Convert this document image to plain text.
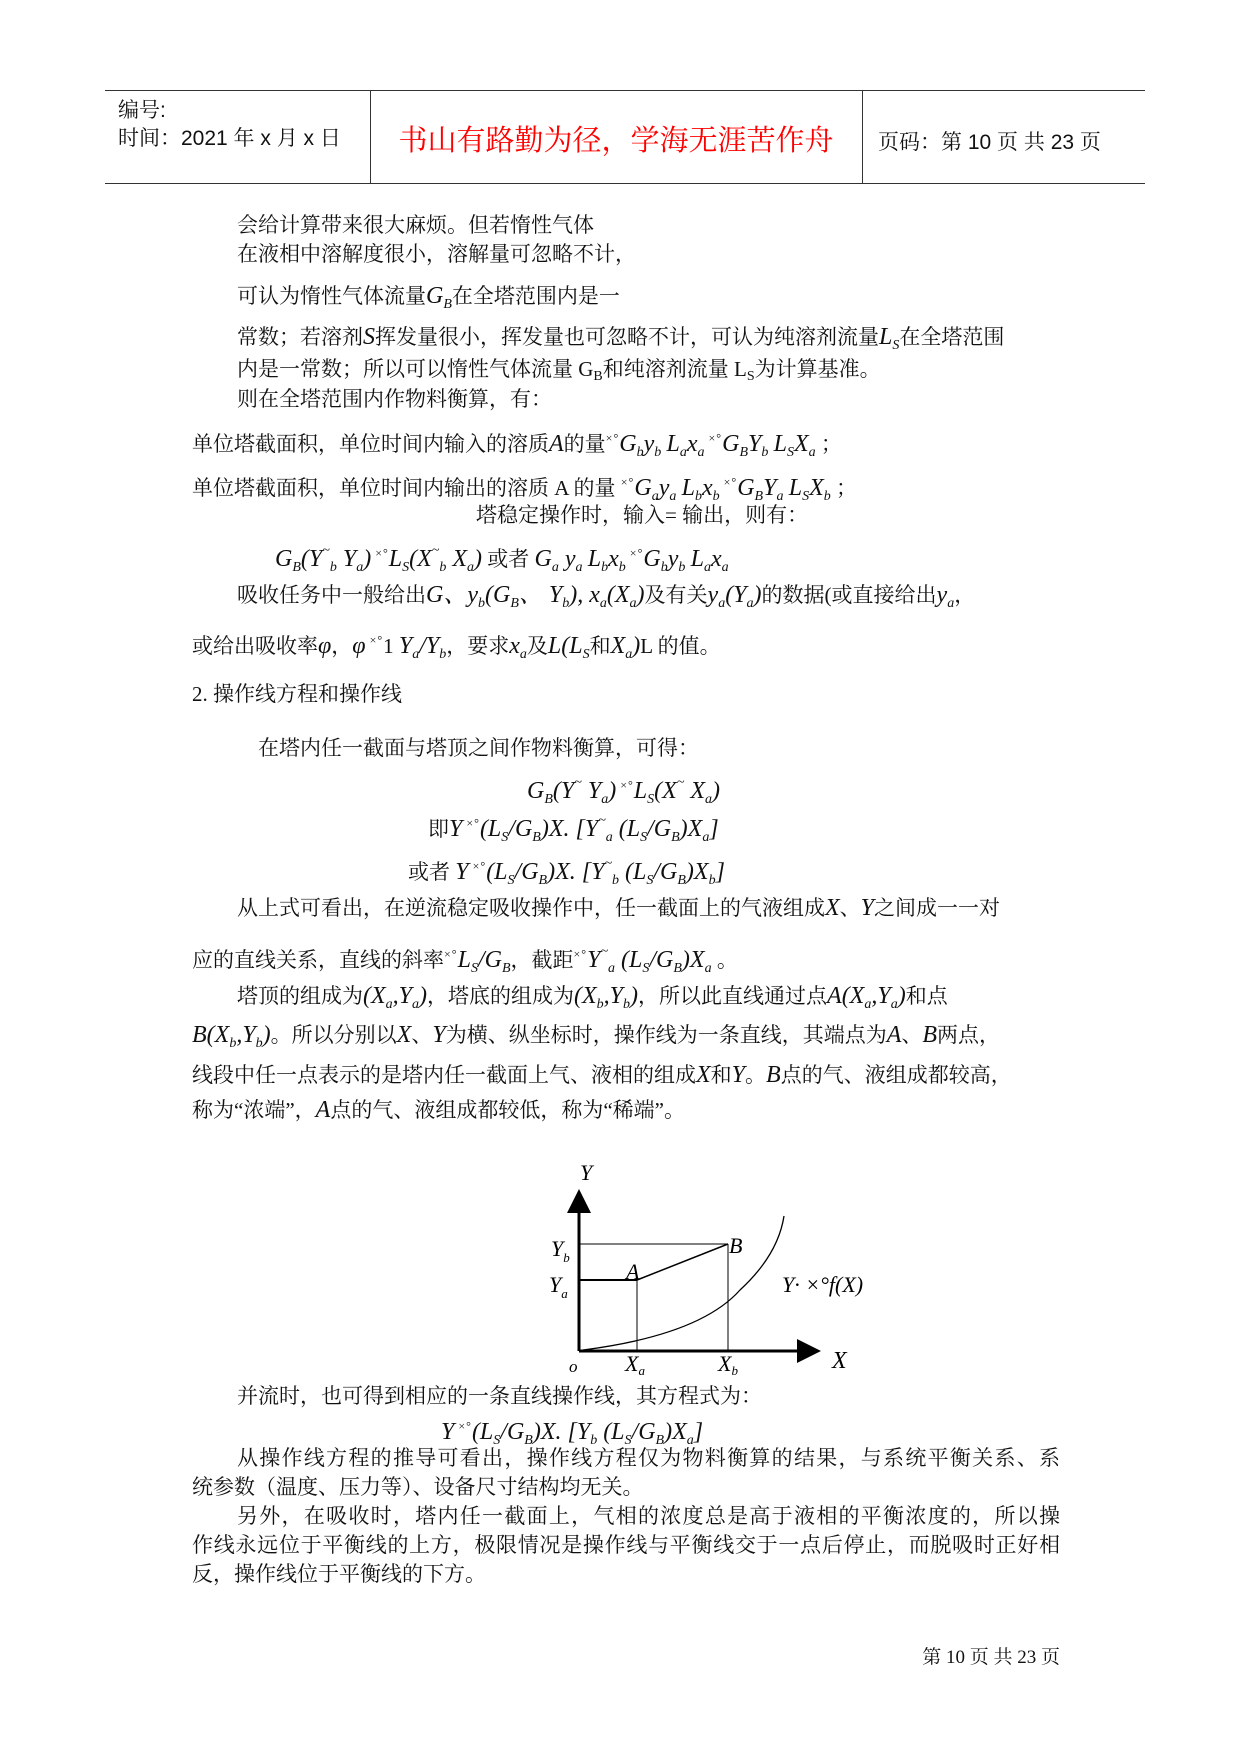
编号:
时间：2021 年 x 月 x 日	书山有路勤为径，学海无涯苦作舟	页码：第 10 页 共 23 页
会给计算带来很大麻烦。但若惰性气体
在液相中溶解度很小，溶解量可忽略不计，
可认为惰性气体流量$G_B$在全塔范围内是一
常数；若溶剂S挥发量很小，挥发量也可忽略不计，可认为纯溶剂流量$L_S$在全塔范围
内是一常数；所以可以惰性气体流量 GB和纯溶剂流量 LS为计算基准。
则在全塔范围内作物料衡算，有：
单位塔截面积，单位时间内输入的溶质A的量$^{\times^\circ}G_by_b$ $L_ax_a$ $^{\times^\circ}G_BY_b$ $L_SX_a$ ；
单位塔截面积，单位时间内输出的溶质 A 的量 $^{\times^\circ}G_ay_a$ $L_bx_b$ $^{\times^\circ}G_BY_a$ $L_SX_b$ ；
塔稳定操作时，输入= 输出，则有：
$G_B(Y^\sim_b$ $Y_a$) $^{\times^\circ}L_S(X^\sim_b$ $X_a$) 或者 $G_a$ $y_a$ $L_bx_b$ $^{\times^\circ}G_by_b$ $L_ax_a$
吸收任务中一般给出G、$y_b(G_B$、 $Y_b$), $x_a(X_a)$及有关$y_a(Y_a)$的数据(或直接给出$y_a$，
或给出吸收率φ，φ ×°1 $Y_a/Y_b$，要求$x_a$及$L(L_S$和$X_a)L$ 的值。
2. 操作线方程和操作线
在塔内任一截面与塔顶之间作物料衡算，可得：
$G_B(Y^\sim$ $Y_a$) $^{\times^\circ}L_S(X^\sim$ $X_a$)
即Y $^{\times^\circ}(L_S/G_B)X$. [$Y^\sim_a$ $(L_S/G_B)X_a$]
或者 Y $^{\times^\circ}(L_S/G_B)X$. [$Y^\sim_b$ $(L_S/G_B)X_b$]
从上式可看出，在逆流稳定吸收操作中，任一截面上的气液组成X、Y之间成一一对
应的直线关系，直线的斜率$^{\times^\circ}L_S/G_B$，截距$^{\times^\circ}Y^\sim_a$ $(L_S/G_B)X_a$ 。
塔顶的组成为$(X_a,Y_a)$，塔底的组成为$(X_b,Y_b)$，所以此直线通过点$A(X_a,Y_a)$和点
$B(X_b,Y_b)$。所以分别以X、Y为横、纵坐标时，操作线为一条直线，其端点为A、B两点，
线段中任一点表示的是塔内任一截面上气、液相的组成X和Y。B点的气、液组成都较高，
称为“浓端”，A点的气、液组成都较低，称为“稀端”。
Y
X
o
$Y_b$
$Y_a$
Xa	Xb
A
B
Y· ×°f(X)
并流时，也可得到相应的一条直线操作线，其方程式为：
Y $^{\times^\circ}(L_S/G_B)X$. [$Y_b$ $(L_S/G_B)X_a$]
从操作线方程的推导可看出，操作线方程仅为物料衡算的结果，与系统平衡关系、系
统参数（温度、压力等）、设备尺寸结构均无关。
另外，在吸收时，塔内任一截面上，气相的浓度总是高于液相的平衡浓度的，所以操
作线永远位于平衡线的上方，极限情况是操作线与平衡线交于一点后停止，而脱吸时正好相
反，操作线位于平衡线的下方。
第 10 页 共 23 页
